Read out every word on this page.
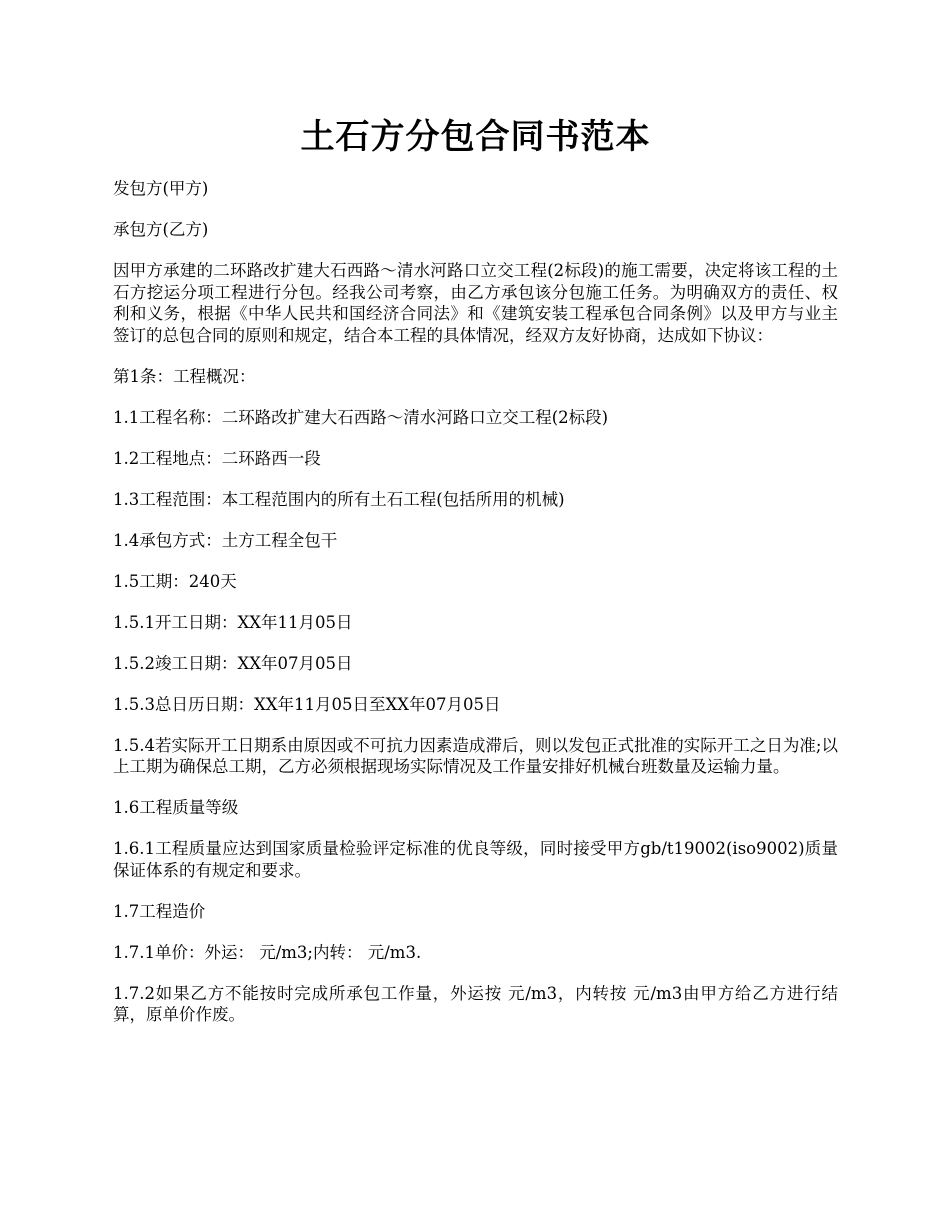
土石方分包合同书范本

发包方(甲方)

承包方(乙方)

因甲方承建的二环路改扩建大石西路～清水河路口立交工程(2标段)的施工需要，决定将该工程的土石方挖运分项工程进行分包。经我公司考察，由乙方承包该分包施工任务。为明确双方的责任、权利和义务，根据《中华人民共和国经济合同法》和《建筑安装工程承包合同条例》以及甲方与业主签订的总包合同的原则和规定，结合本工程的具体情况，经双方友好协商，达成如下协议：

第1条：工程概况：

1.1工程名称：二环路改扩建大石西路～清水河路口立交工程(2标段)

1.2工程地点：二环路西一段

1.3工程范围：本工程范围内的所有土石工程(包括所用的机械)

1.4承包方式：土方工程全包干

1.5工期：240天

1.5.1开工日期：XX年11月05日

1.5.2竣工日期：XX年07月05日

1.5.3总日历日期：XX年11月05日至XX年07月05日

1.5.4若实际开工日期系由原因或不可抗力因素造成滞后，则以发包正式批准的实际开工之日为准;以上工期为确保总工期，乙方必须根据现场实际情况及工作量安排好机械台班数量及运输力量。

1.6工程质量等级

1.6.1工程质量应达到国家质量检验评定标准的优良等级，同时接受甲方gb/t19002(iso9002)质量保证体系的有规定和要求。

1.7工程造价

1.7.1单价：外运： 元/m3;内转： 元/m3.

1.7.2如果乙方不能按时完成所承包工作量，外运按 元/m3，内转按 元/m3由甲方给乙方进行结算，原单价作废。
